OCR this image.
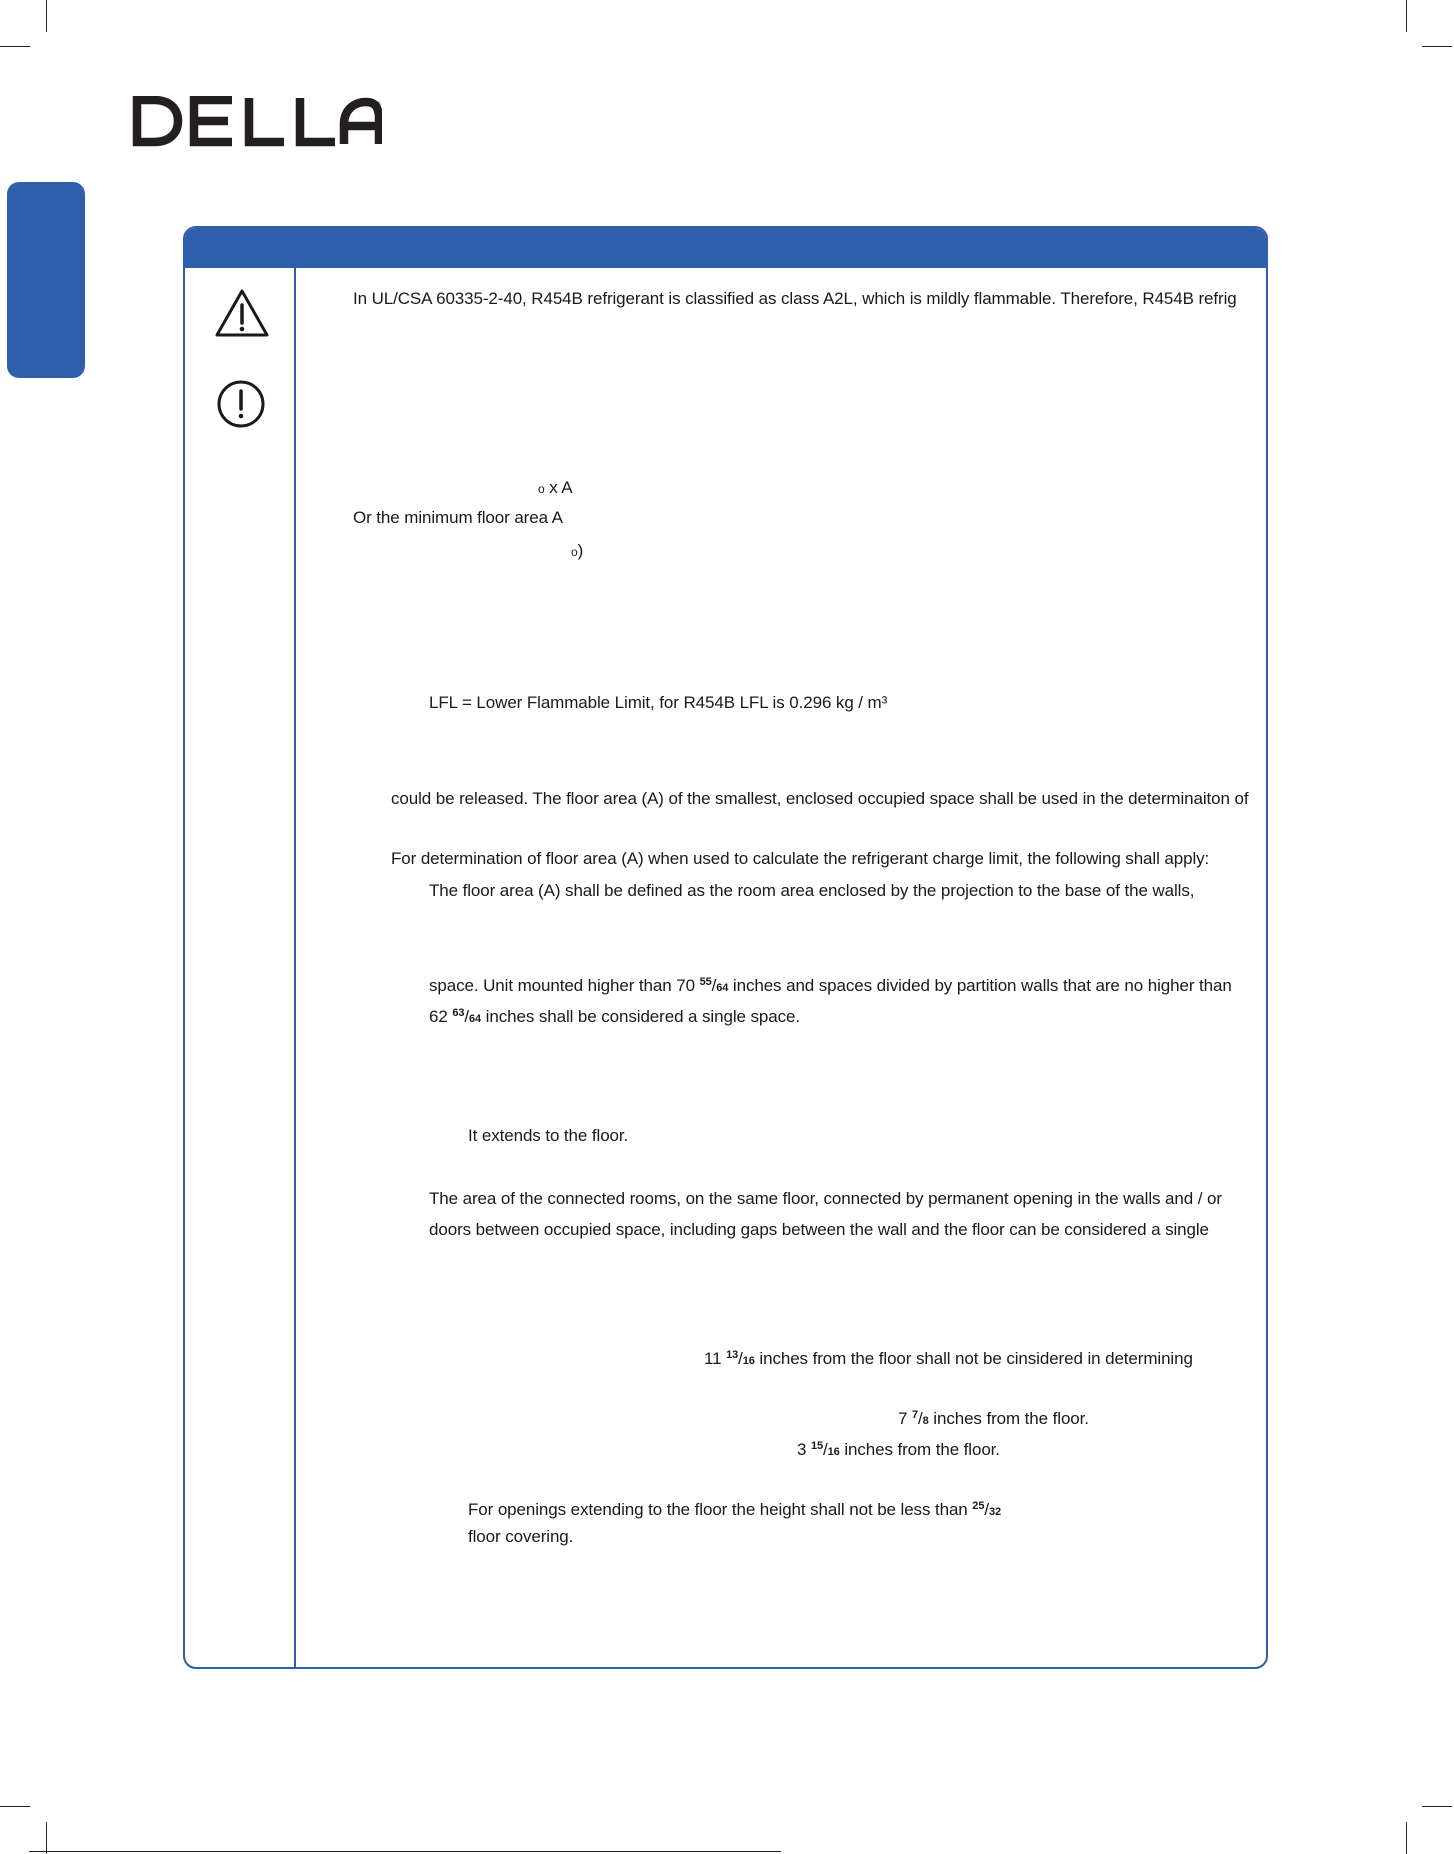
®
In UL/CSA 60335-2-40, R454B refrigerant is classified as class A2L, which is mildly flammable. Therefore, R454B refrig
o x A
Or the minimum floor area A
o)
LFL = Lower Flammable Limit, for R454B LFL is 0.296 kg / m³
could be released. The floor area (A) of the smallest, enclosed occupied space shall be used in the determinaiton of
For determination of floor area (A) when used to calculate the refrigerant charge limit, the following shall apply:
The floor area (A) shall be defined as the room area enclosed by the projection to the base of the walls,
space. Unit mounted higher than 70 $^{55}$/64 inches and spaces divided by partition walls that are no higher than
62 $^{63}$/64 inches shall be considered a single space.
It extends to the floor.
The area of the connected rooms, on the same floor, connected by permanent opening in the walls and / or
doors between occupied space, including gaps between the wall and the floor can be considered a single
11 $^{13}$/16 inches from the floor shall not be cinsidered in determining
7 $^7$/8 inches from the floor.
3 $^{15}$/16 inches from the floor.
For openings extending to the floor the height shall not be less than $^{25}$/32
floor covering.
